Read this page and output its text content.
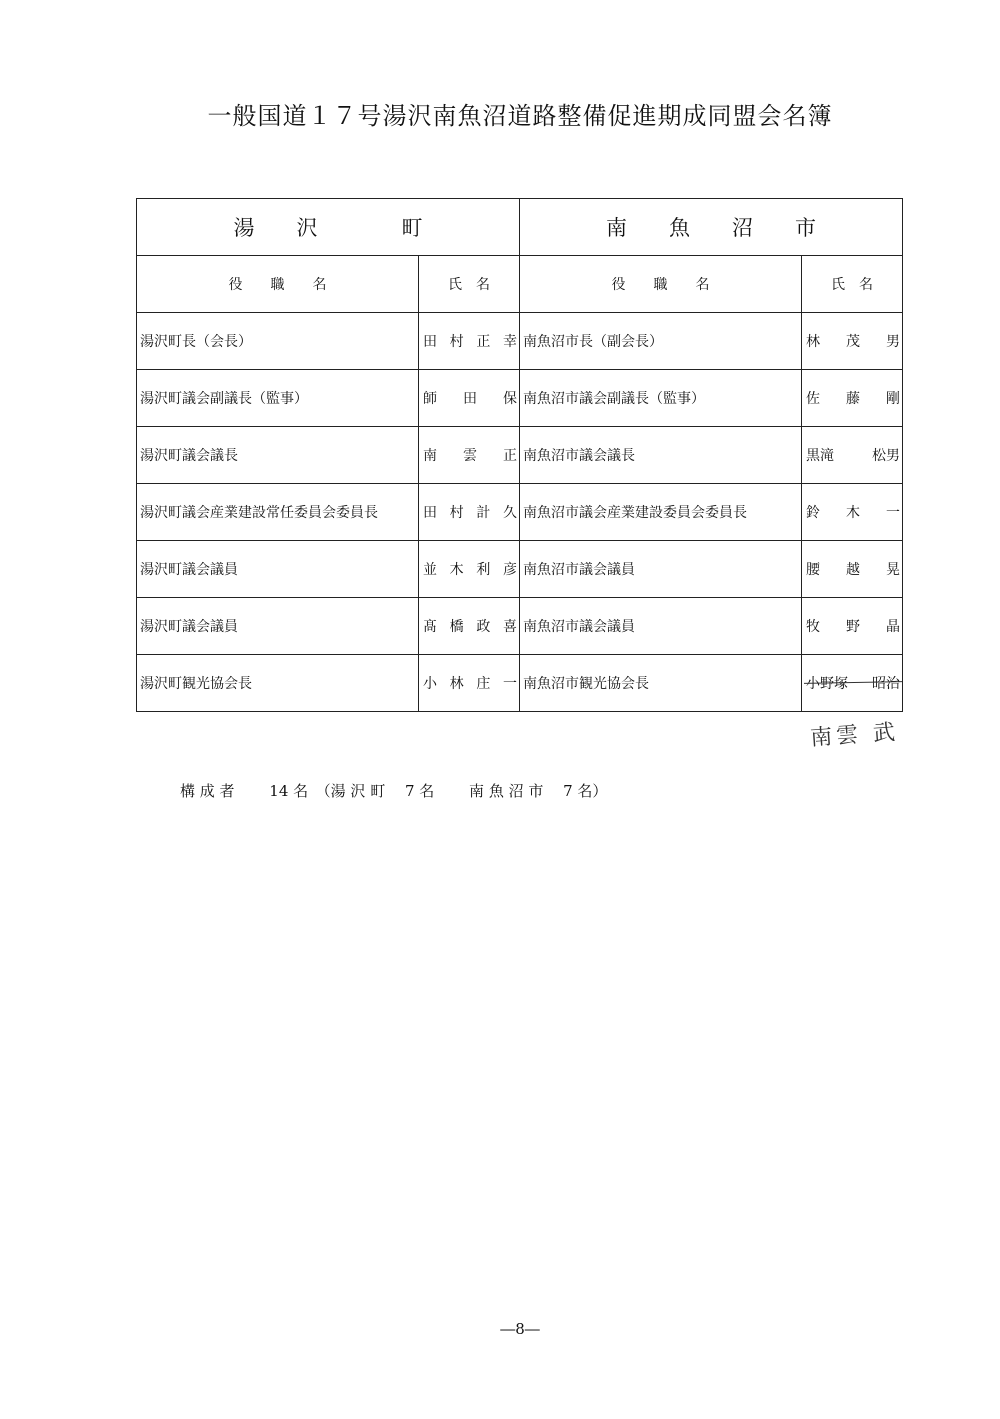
一般国道１７号湯沢南魚沼道路整備促進期成同盟会名簿
湯　　沢　　　　町		南　　魚　　沼　　市	
役　　職　　名	氏　名	役　　職　　名	氏　名
湯沢町長（会長）	田 村 正 幸	南魚沼市長（副会長）	林 茂 男

湯沢町議会副議長（監事）	師 田 保	南魚沼市議会副議長（監事）	佐 藤 剛

湯沢町議会議長	南 雲 正	南魚沼市議会議長	黒滝 松男

湯沢町議会産業建設常任委員会委員長	田 村 計 久	南魚沼市議会産業建設委員会委員長	鈴 木 一

湯沢町議会議員	並 木 利 彦	南魚沼市議会議員	腰 越 晃

湯沢町議会議員	髙 橋 政 喜	南魚沼市議会議員	牧 野 晶

湯沢町観光協会長	小 林 庄 一	南魚沼市観光協会長	小野塚 昭治
南雲 武
構 成 者　　 14 名　（湯 沢 町　 7 名　　 南 魚 沼 市　 7 名）
―8―
